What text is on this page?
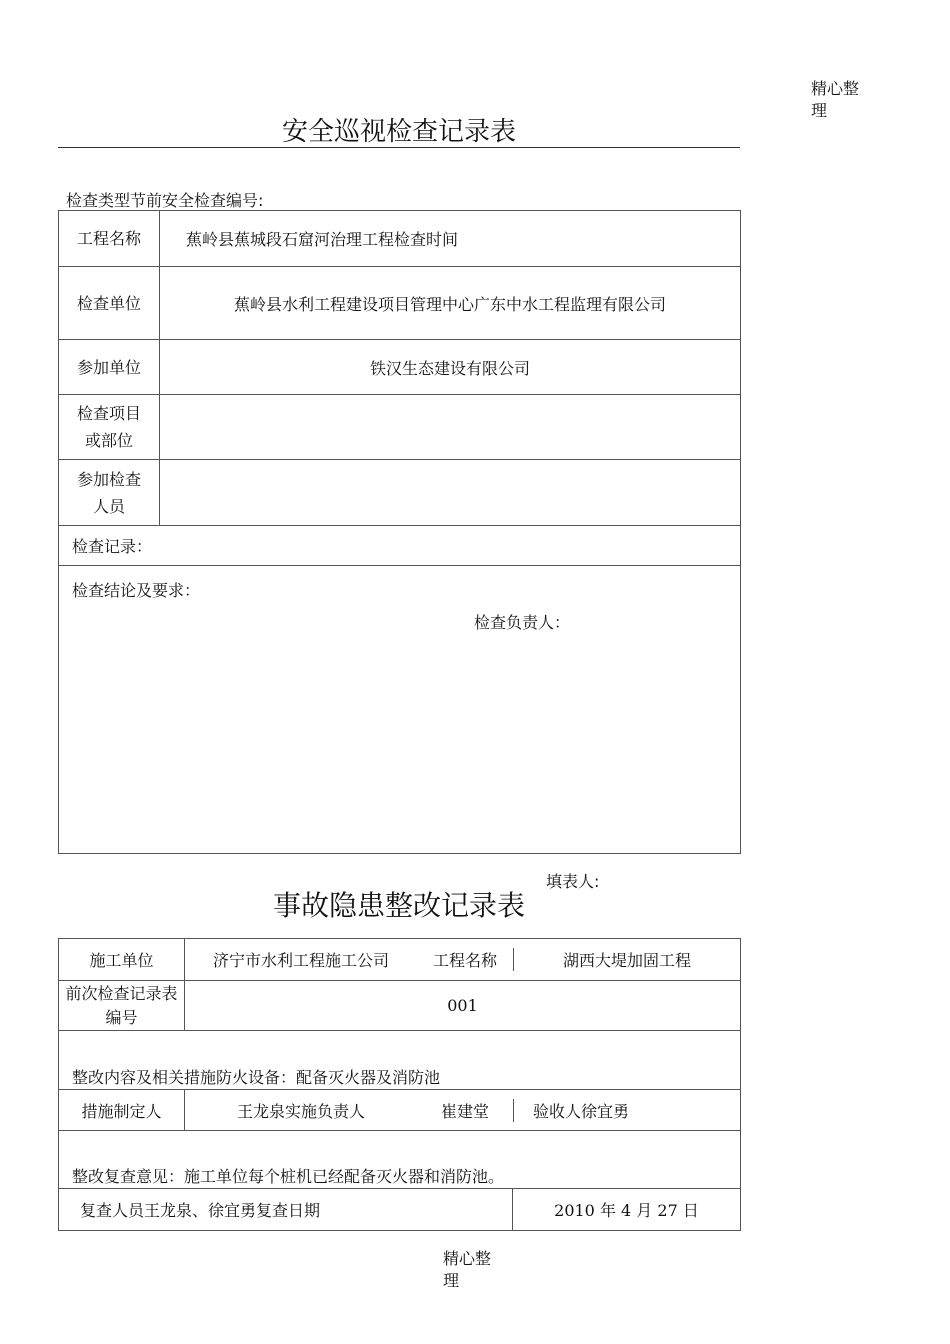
精心整理
安全巡视检查记录表
检查类型节前安全检查编号:
工程名称	蕉岭县蕉城段石窟河治理工程检查时间
检查单位	蕉岭县水利工程建设项目管理中心广东中水工程监理有限公司
参加单位	铁汉生态建设有限公司
检查项目或部位	
参加检查人员	
检查记录：	

检查结论及要求：
检查负责人：	
填表人:
事故隐患整改记录表
施工单位	济宁市水利工程施工公司 工程名称 湖西大堤加固工程	

前次检查记录表编号	001	
整改内容及相关措施防火设备：配备灭火器及消防池		
措施制定人	王龙泉实施负责人 崔建堂 验收人徐宜勇	

整改复查意见：施工单位每个桩机已经配备灭火器和消防池。		
复查人员王龙泉、徐宜勇复查日期		2010 年 4 月 27 日
精心整理
